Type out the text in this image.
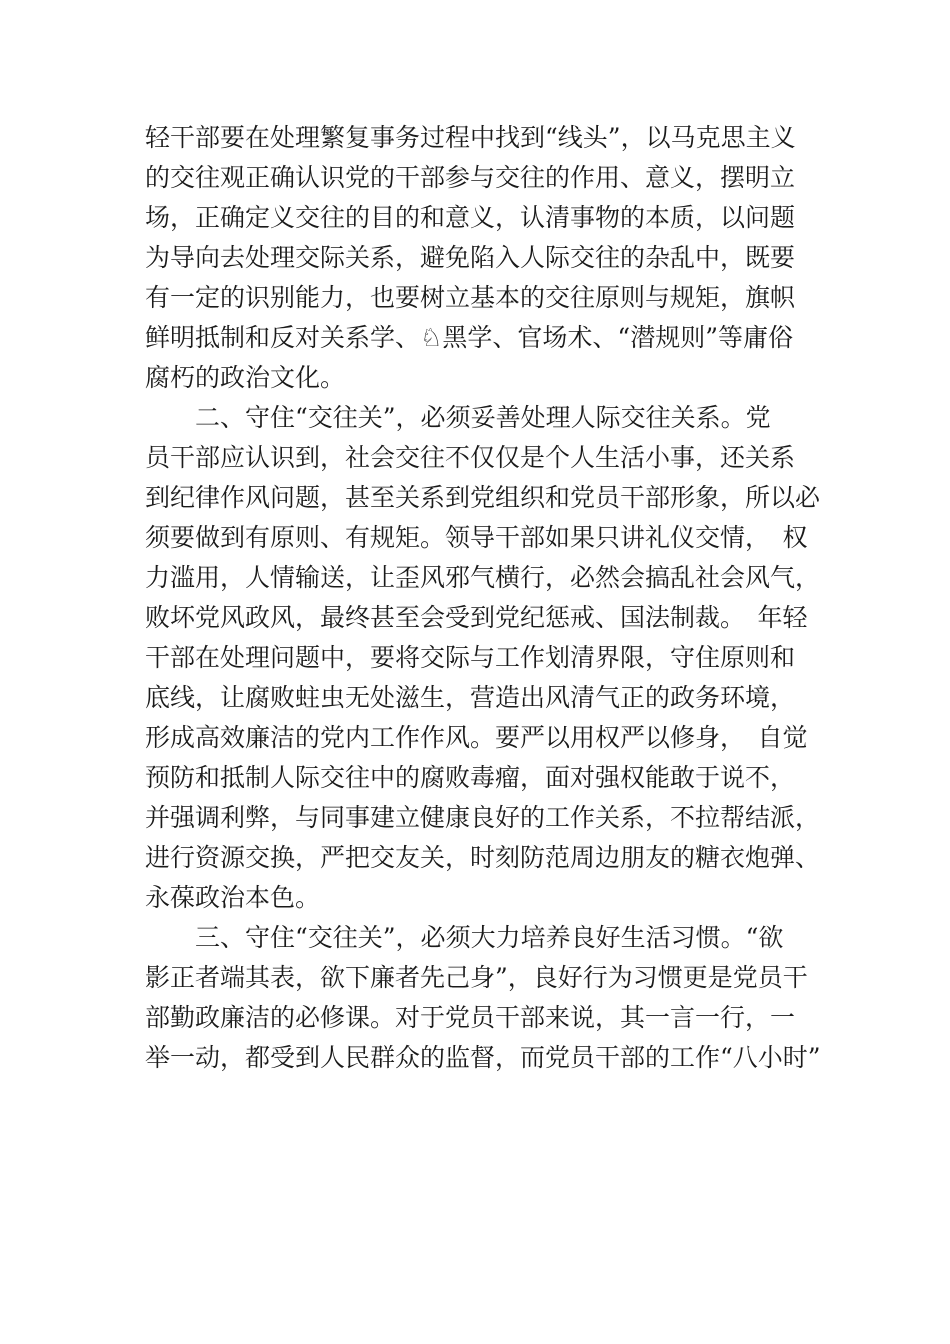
轻干部要在处理繁复事务过程中找到“线头”，以马克思主义
的交往观正确认识党的干部参与交往的作用、意义，摆明立
场，正确定义交往的目的和意义，认清事物的本质，以问题
为导向去处理交际关系，避免陷入人际交往的杂乱中，既要
有一定的识别能力，也要树立基本的交往原则与规矩，旗帜
鲜明抵制和反对关系学、♘黑学、官场术、“潜规则”等庸俗
腐朽的政治文化。
　　二、守住“交往关”，必须妥善处理人际交往关系。党
员干部应认识到，社会交往不仅仅是个人生活小事，还关系
到纪律作风问题，甚至关系到党组织和党员干部形象，所以必
须要做到有原则、有规矩。领导干部如果只讲礼仪交情，　权
力滥用，人情输送，让歪风邪气横行，必然会搞乱社会风气，
败坏党风政风，最终甚至会受到党纪惩戒、国法制裁。　年轻
干部在处理问题中，要将交际与工作划清界限，守住原则和
底线，让腐败蛀虫无处滋生，营造出风清气正的政务环境，
形成高效廉洁的党内工作作风。要严以用权严以修身，　自觉
预防和抵制人际交往中的腐败毒瘤，面对强权能敢于说不，
并强调利弊，与同事建立健康良好的工作关系，不拉帮结派，
进行资源交换，严把交友关，时刻防范周边朋友的糖衣炮弹、
永葆政治本色。
　　三、守住“交往关”，必须大力培养良好生活习惯。“欲
影正者端其表，欲下廉者先己身”，良好行为习惯更是党员干
部勤政廉洁的必修课。对于党员干部来说，其一言一行，一
举一动，都受到人民群众的监督，而党员干部的工作“八小时”
